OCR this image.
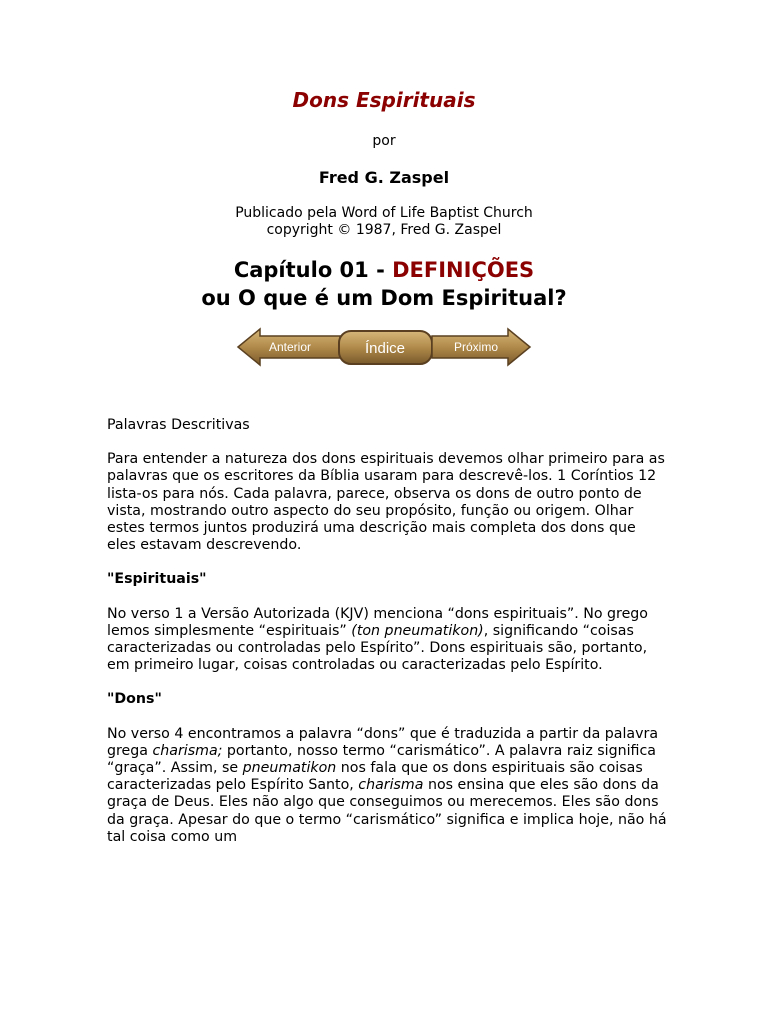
Dons Espirituais
por
Fred G. Zaspel
Publicado pela Word of Life Baptist Church
copyright © 1987, Fred G. Zaspel
Capítulo 01 - DEFINIÇÕES
ou O que é um Dom Espiritual?
Anterior	Índice	Próximo
Palavras Descritivas

Para entender a natureza dos dons espirituais devemos olhar primeiro para as palavras que os escritores da Bíblia usaram para descrevê-los. 1 Coríntios 12 lista-os para nós. Cada palavra, parece, observa os dons de outro ponto de vista, mostrando outro aspecto do seu propósito, função ou origem. Olhar estes termos juntos produzirá uma descrição mais completa dos dons que eles estavam descrevendo.

"Espirituais"

No verso 1 a Versão Autorizada (KJV) menciona “dons espirituais”. No grego lemos simplesmente “espirituais” (ton pneumatikon), significando “coisas caracterizadas ou controladas pelo Espírito”. Dons espirituais são, portanto, em primeiro lugar, coisas controladas ou caracterizadas pelo Espírito.

"Dons"

No verso 4 encontramos a palavra “dons” que é traduzida a partir da palavra grega charisma; portanto, nosso termo “carismático”. A palavra raiz significa “graça”. Assim, se pneumatikon nos fala que os dons espirituais são coisas caracterizadas pelo Espírito Santo, charisma nos ensina que eles são dons da graça de Deus. Eles não algo que conseguimos ou merecemos. Eles são dons da graça. Apesar do que o termo “carismático” significa e implica hoje, não há tal coisa como um
